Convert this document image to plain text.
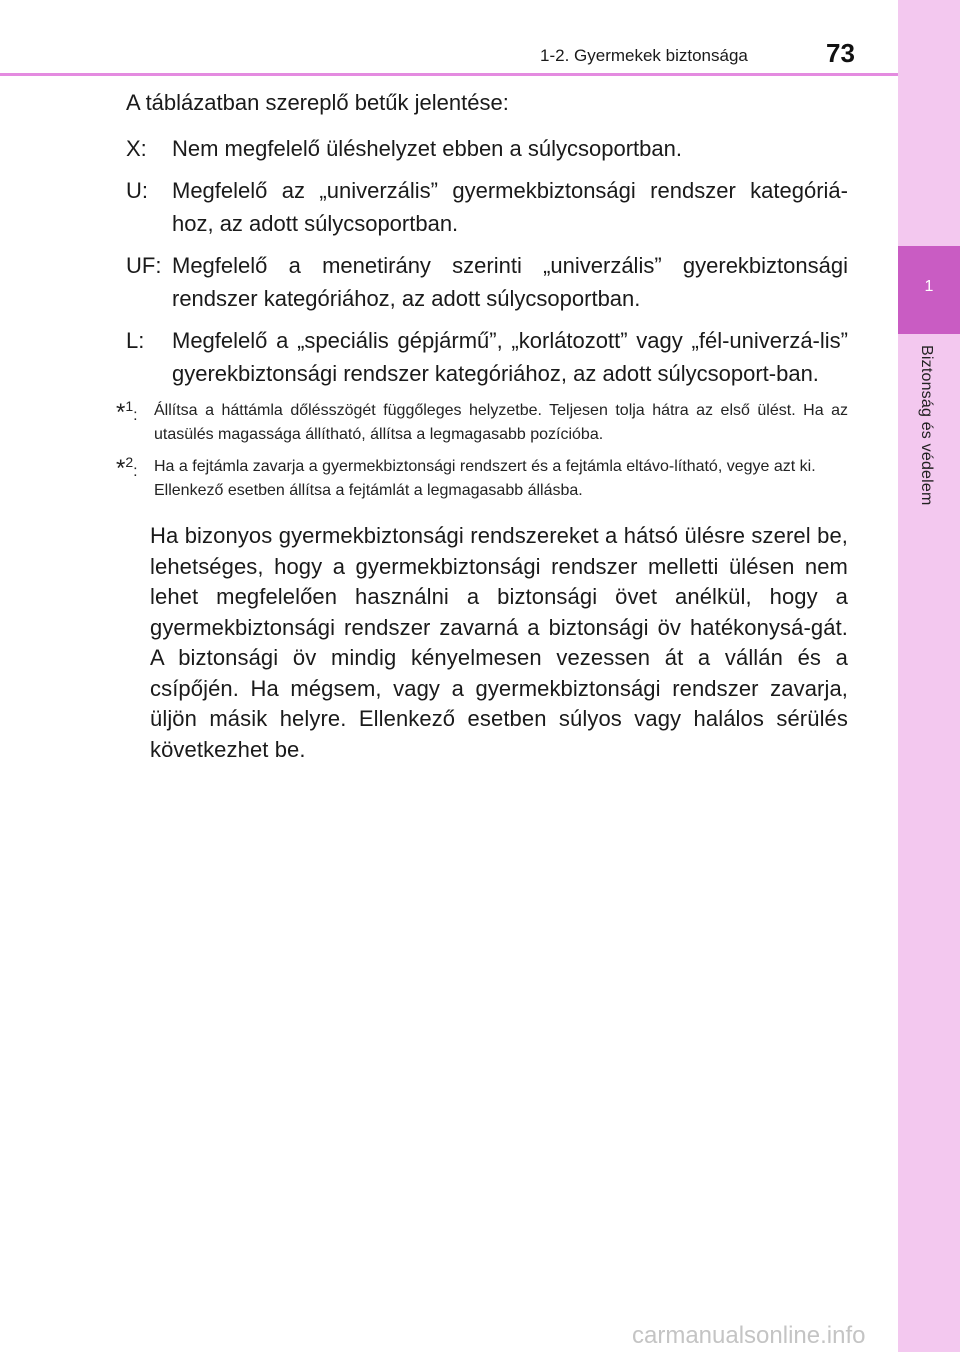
1-2. Gyermekek biztonsága	73
1
Biztonság és védelem

A táblázatban szereplő betűk jelentése:

X: Nem megfelelő üléshelyzet ebben a súlycsoportban.
U: Megfelelő az „univerzális” gyermekbiztonsági rendszer kategóriá-hoz, az adott súlycsoportban.
UF: Megfelelő a menetirány szerinti „univerzális” gyerekbiztonsági rendszer kategóriához, az adott súlycsoportban.
L: Megfelelő a „speciális gépjármű”, „korlátozott” vagy „fél-univerzá-lis” gyerekbiztonsági rendszer kategóriához, az adott súlycsoport-ban.
*$^1$: Állítsa a háttámla dőlésszögét függőleges helyzetbe. Teljesen tolja hátra az első ülést. Ha az utasülés magassága állítható, állítsa a legmagasabb pozícióba.
*$^2$: Ha a fejtámla zavarja a gyermekbiztonsági rendszert és a fejtámla eltávo-lítható, vegye azt ki.
Ellenkező esetben állítsa a fejtámlát a legmagasabb állásba.

Ha bizonyos gyermekbiztonsági rendszereket a hátsó ülésre szerel be, lehetséges, hogy a gyermekbiztonsági rendszer melletti ülésen nem lehet megfelelően használni a biztonsági övet anélkül, hogy a gyermekbiztonsági rendszer zavarná a biztonsági öv hatékonysá-gát. A biztonsági öv mindig kényelmesen vezessen át a vállán és a csípőjén. Ha mégsem, vagy a gyermekbiztonsági rendszer zavarja, üljön másik helyre. Ellenkező esetben súlyos vagy halálos sérülés következhet be.

carmanualsonline.info
